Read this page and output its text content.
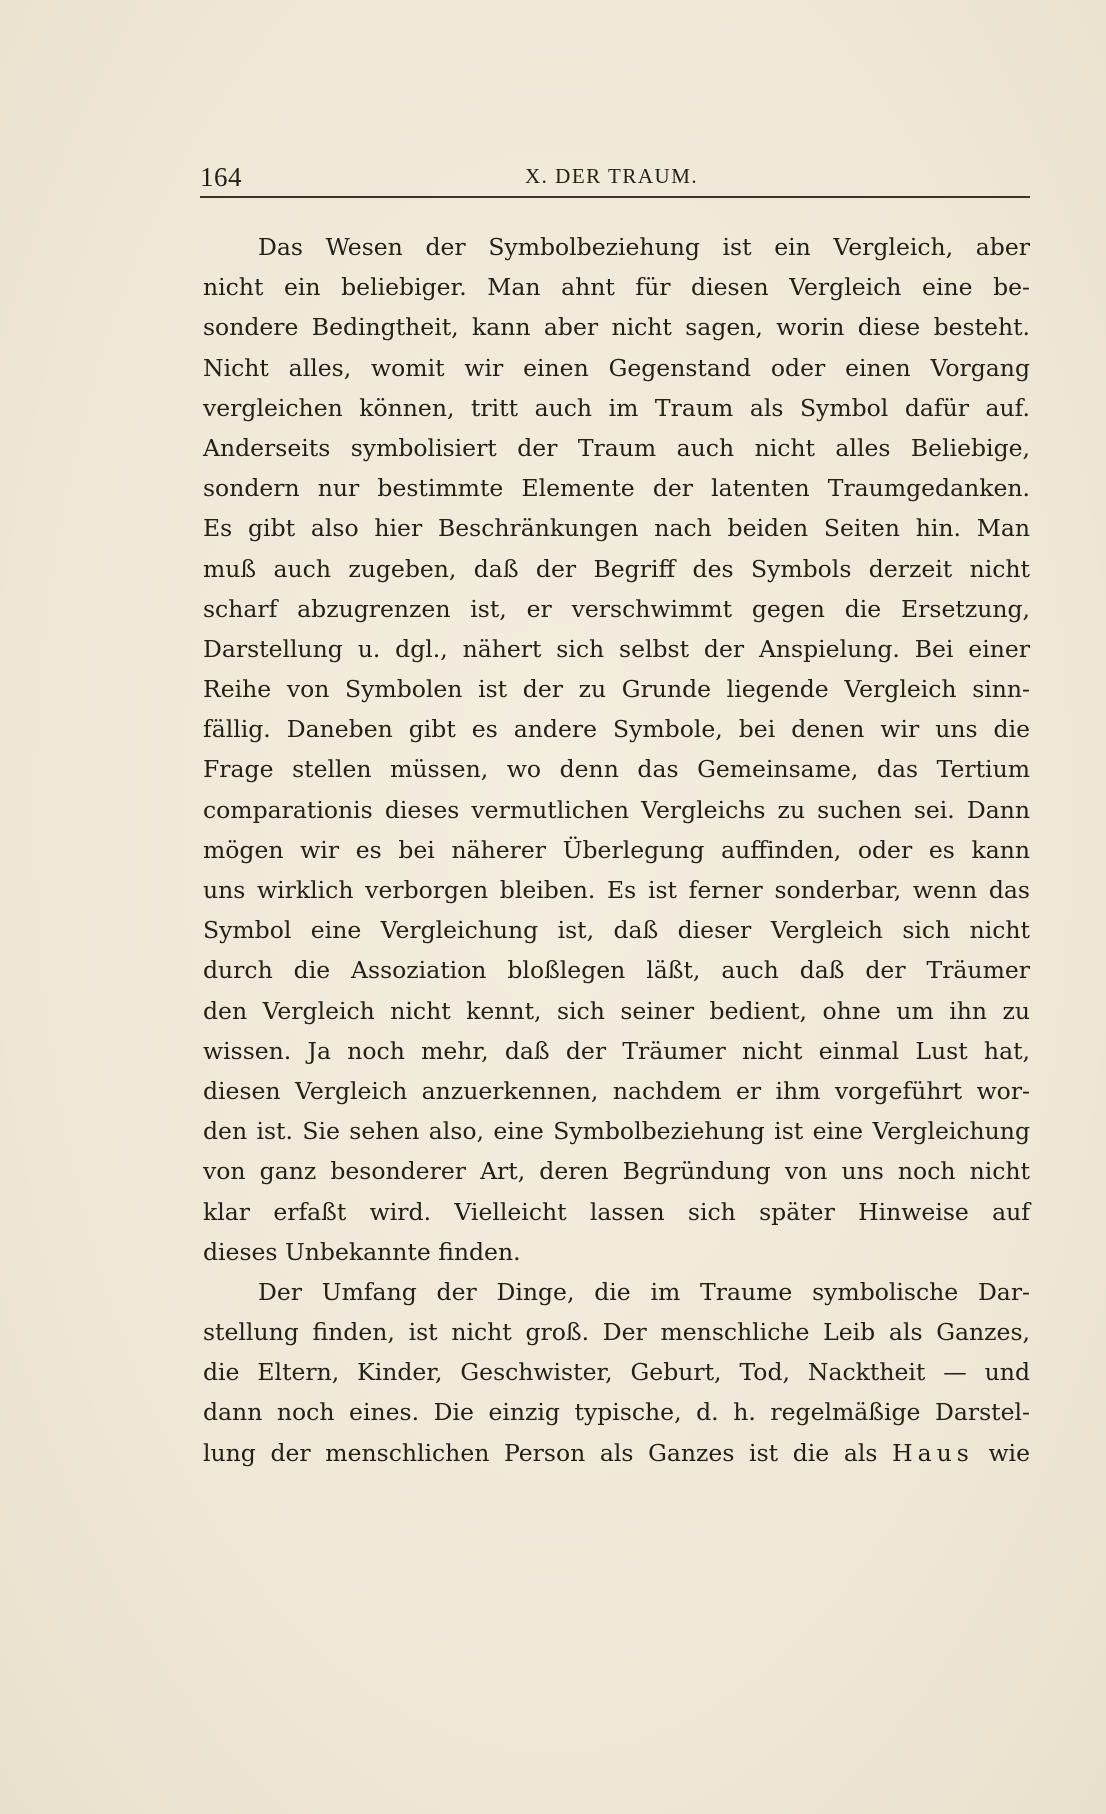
164	X. DER TRAUM.
Das Wesen der Symbolbeziehung ist ein Vergleich, aber
nicht ein beliebiger. Man ahnt für diesen Vergleich eine be-
sondere Bedingtheit, kann aber nicht sagen, worin diese besteht.
Nicht alles, womit wir einen Gegenstand oder einen Vorgang
vergleichen können, tritt auch im Traum als Symbol dafür auf.
Anderseits symbolisiert der Traum auch nicht alles Beliebige,
sondern nur bestimmte Elemente der latenten Traumgedanken.
Es gibt also hier Beschränkungen nach beiden Seiten hin. Man
muß auch zugeben, daß der Begriff des Symbols derzeit nicht
scharf abzugrenzen ist, er verschwimmt gegen die Ersetzung,
Darstellung u. dgl., nähert sich selbst der Anspielung. Bei einer
Reihe von Symbolen ist der zu Grunde liegende Vergleich sinn-
fällig. Daneben gibt es andere Symbole, bei denen wir uns die
Frage stellen müssen, wo denn das Gemeinsame, das Tertium
comparationis dieses vermutlichen Vergleichs zu suchen sei. Dann
mögen wir es bei näherer Überlegung auffinden, oder es kann
uns wirklich verborgen bleiben. Es ist ferner sonderbar, wenn das
Symbol eine Vergleichung ist, daß dieser Vergleich sich nicht
durch die Assoziation bloßlegen läßt, auch daß der Träumer
den Vergleich nicht kennt, sich seiner bedient, ohne um ihn zu
wissen. Ja noch mehr, daß der Träumer nicht einmal Lust hat,
diesen Vergleich anzuerkennen, nachdem er ihm vorgeführt wor-
den ist. Sie sehen also, eine Symbolbeziehung ist eine Vergleichung
von ganz besonderer Art, deren Begründung von uns noch nicht
klar erfaßt wird. Vielleicht lassen sich später Hinweise auf
dieses Unbekannte finden.
Der Umfang der Dinge, die im Traume symbolische Dar-
stellung finden, ist nicht groß. Der menschliche Leib als Ganzes,
die Eltern, Kinder, Geschwister, Geburt, Tod, Nacktheit — und
dann noch eines. Die einzig typische, d. h. regelmäßige Darstel-
lung der menschlichen Person als Ganzes ist die als Haus wie
